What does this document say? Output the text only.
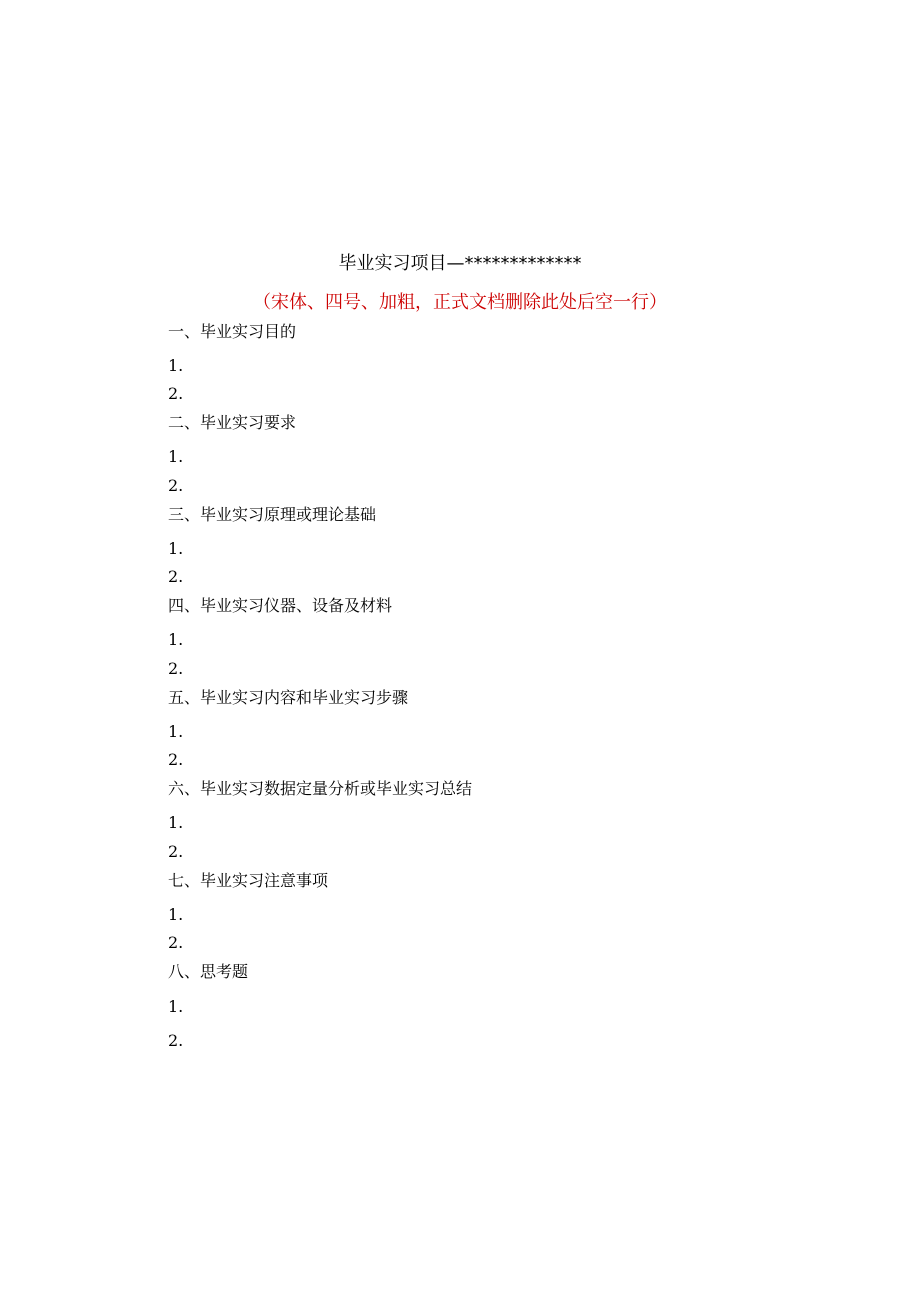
毕业实习项目—*************
（宋体、四号、加粗，正式文档删除此处后空一行）
一、毕业实习目的
1.
2.
二、毕业实习要求
1.
2.
三、毕业实习原理或理论基础
1.
2.
四、毕业实习仪器、设备及材料
1.
2.
五、毕业实习内容和毕业实习步骤
1.
2.
六、毕业实习数据定量分析或毕业实习总结
1.
2.
七、毕业实习注意事项
1.
2.
八、思考题
1.
2.
